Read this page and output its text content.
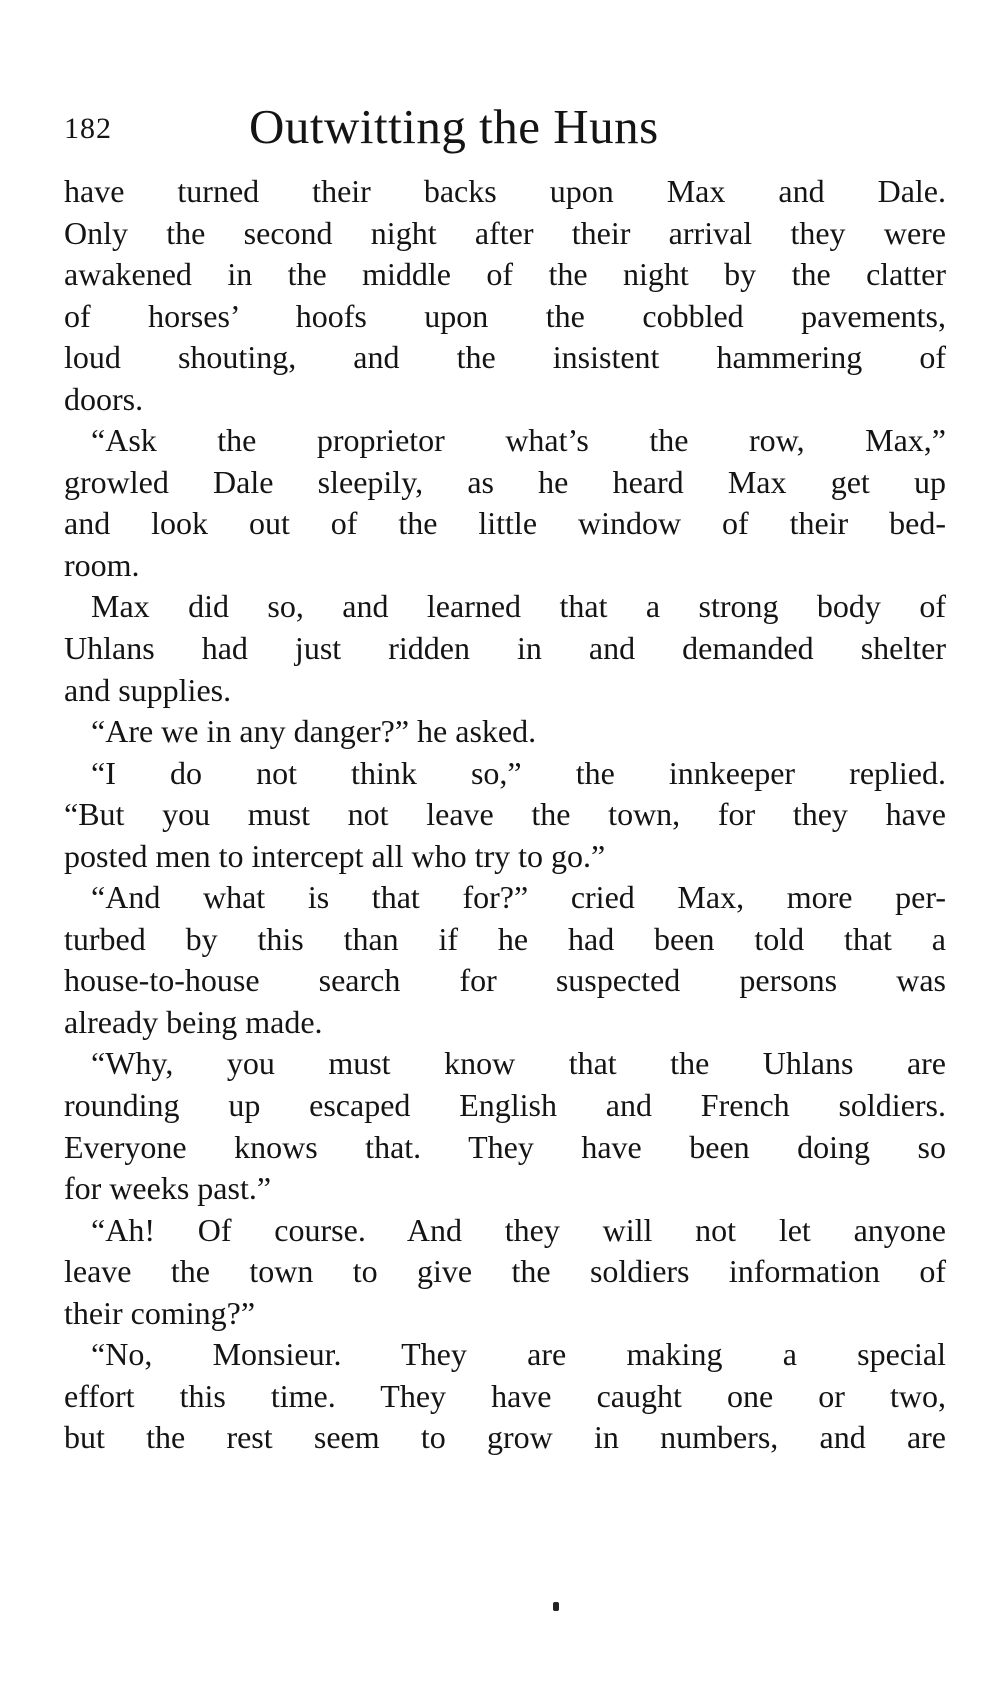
182	Outwitting the Huns
have turned their backs upon Max and Dale.
Only the second night after their arrival they were
awakened in the middle of the night by the clatter
of horses’ hoofs upon the cobbled pavements,
loud shouting, and the insistent hammering of
doors.
“Ask the proprietor what’s the row, Max,”
growled Dale sleepily, as he heard Max get up
and look out of the little window of their bed-
room.
Max did so, and learned that a strong body of
Uhlans had just ridden in and demanded shelter
and supplies.
“Are we in any danger?” he asked.
“I do not think so,” the innkeeper replied.
“But you must not leave the town, for they have
posted men to intercept all who try to go.”
“And what is that for?” cried Max, more per-
turbed by this than if he had been told that a
house-to-house search for suspected persons was
already being made.
“Why, you must know that the Uhlans are
rounding up escaped English and French soldiers.
Everyone knows that. They have been doing so
for weeks past.”
“Ah! Of course. And they will not let anyone
leave the town to give the soldiers information of
their coming?”
“No, Monsieur. They are making a special
effort this time. They have caught one or two,
but the rest seem to grow in numbers, and are
